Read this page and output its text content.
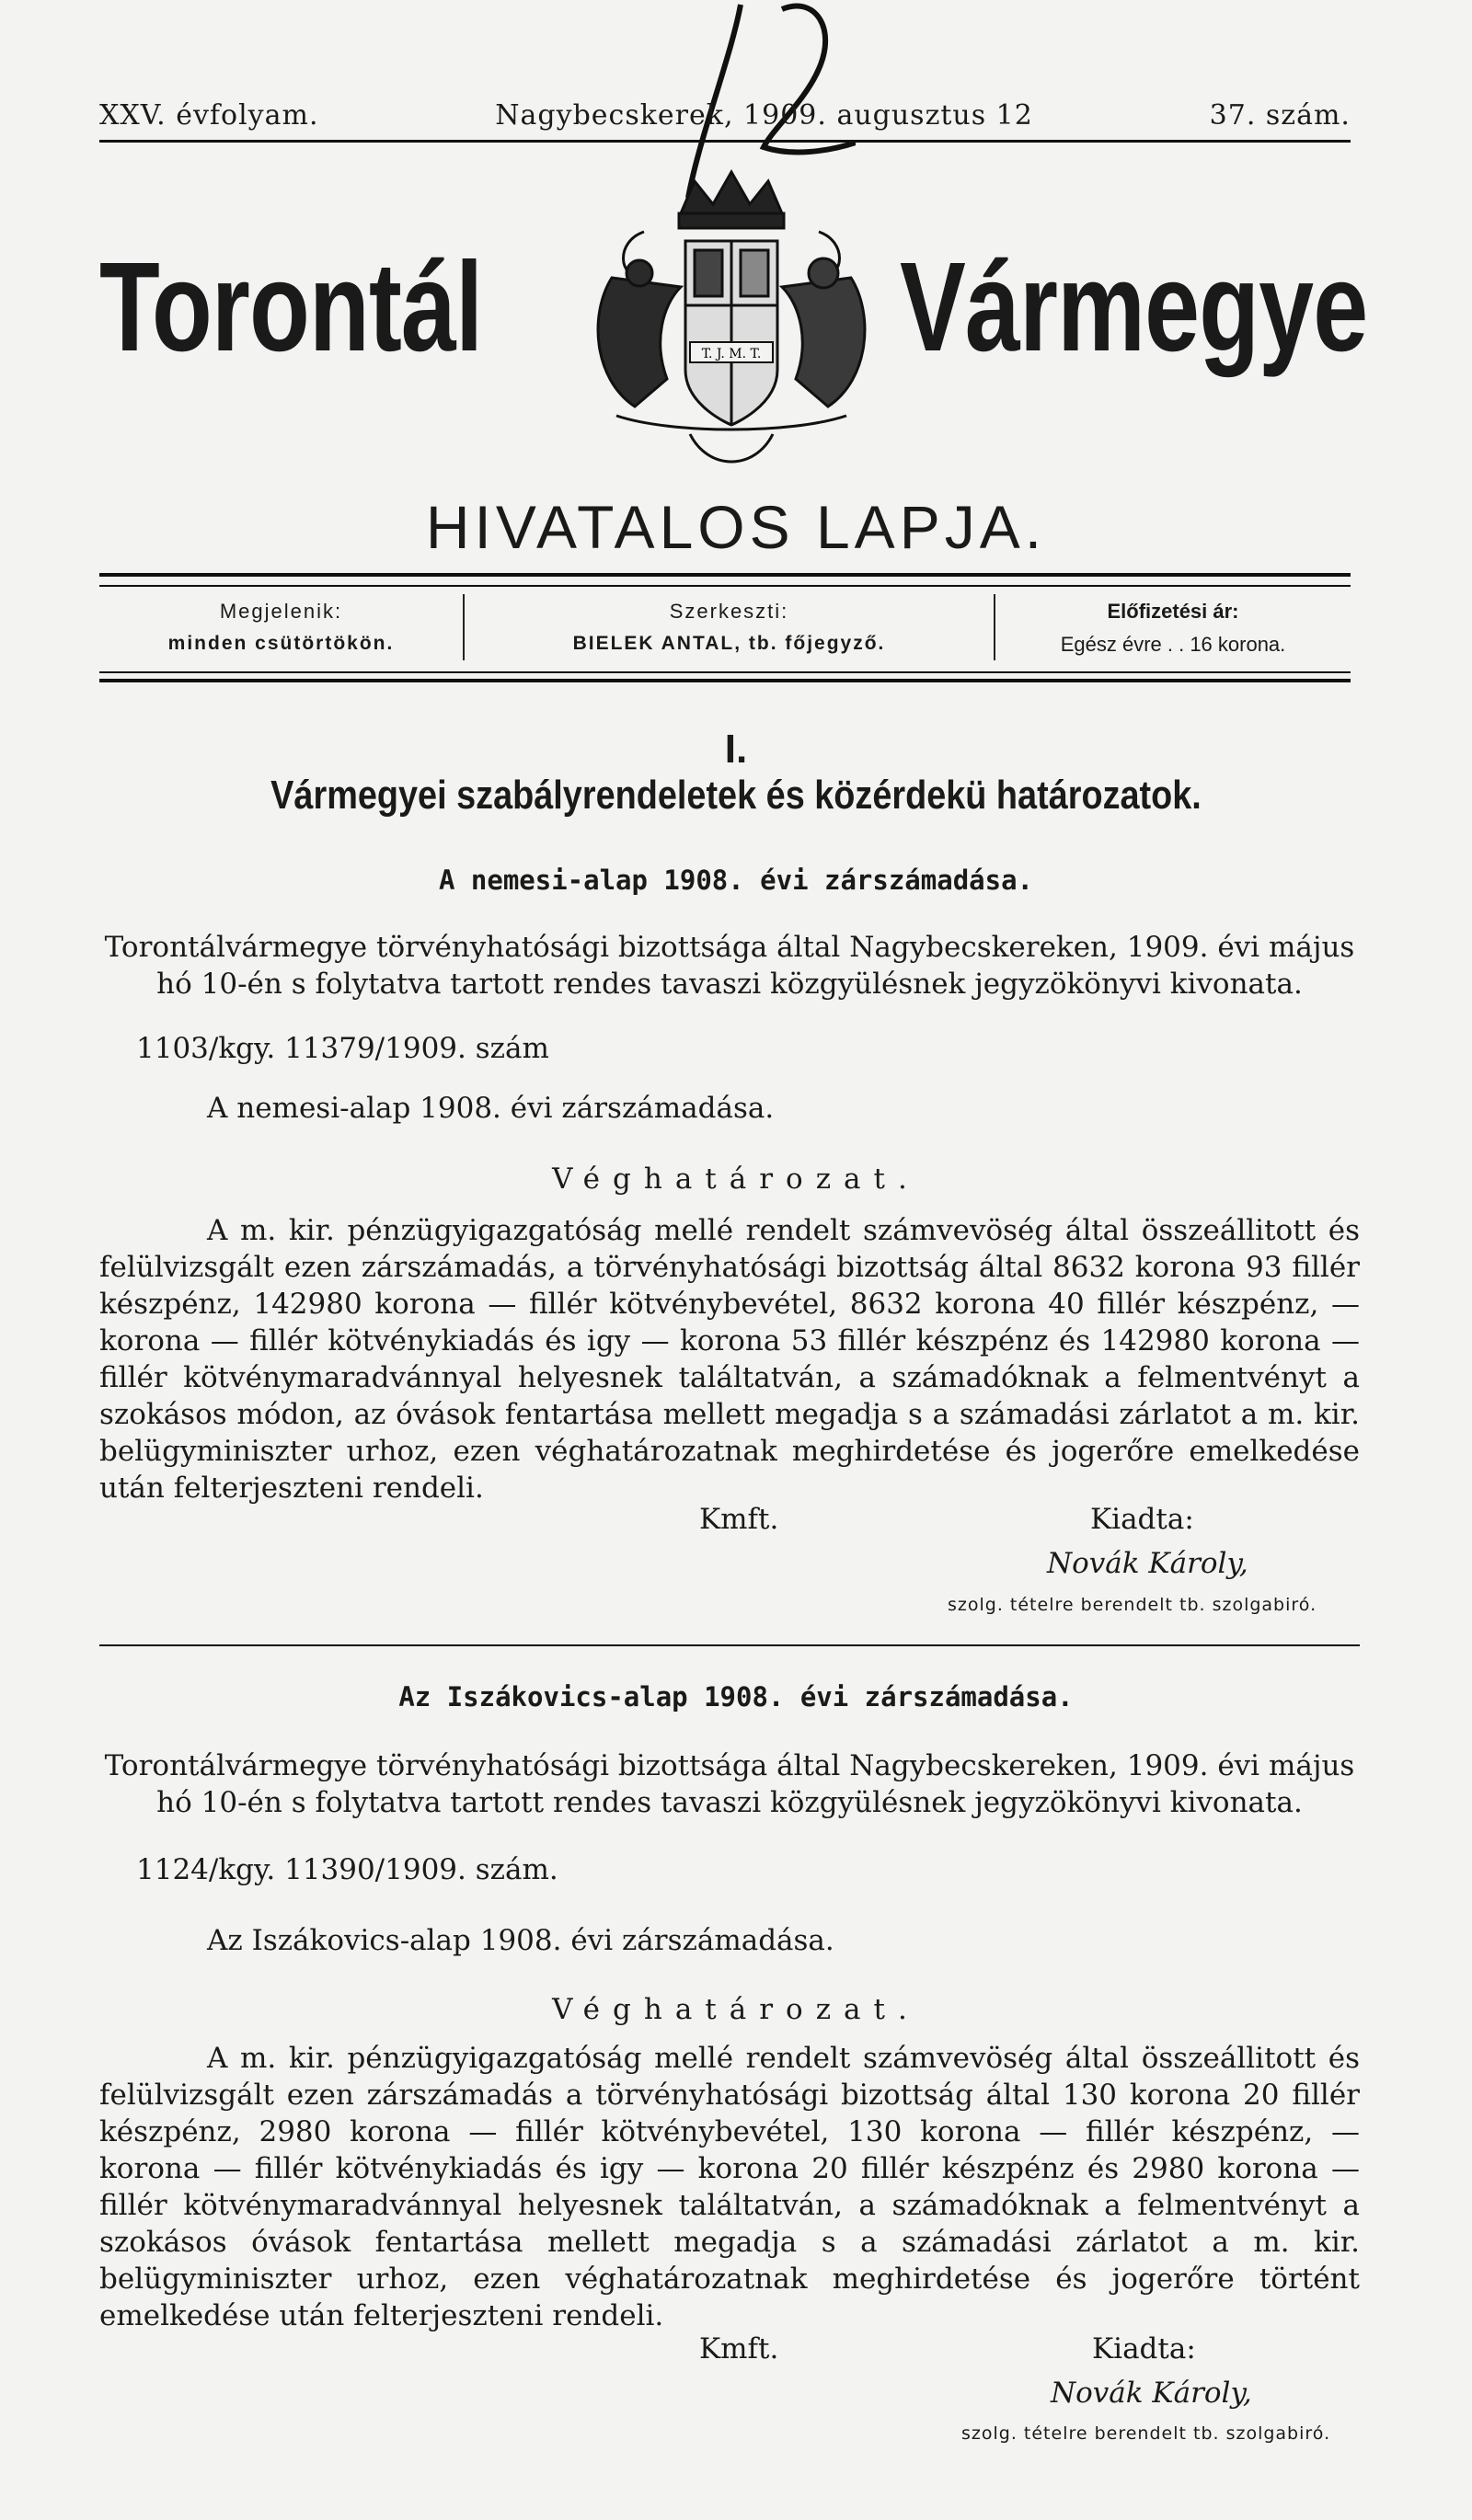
XXV. évfolyam.	Nagybecskerek, 1909. augusztus 12	37. szám.
Torontál	Vármegye
T. J. M. T.
HIVATALOS LAPJA.
Megjelenik:
minden csütörtökön.
Szerkeszti:
BIELEK ANTAL, tb. főjegyző.
Előfizetési ár:
Egész évre . . 16 korona.
I.
Vármegyei szabályrendeletek és közérdekü határozatok.
A nemesi-alap 1908. évi zárszámadása.
Torontálvármegye törvényhatósági bizottsága által Nagybecskereken, 1909. évi május hó 10-én s folytatva tartott rendes tavaszi közgyülésnek jegyzökönyvi kivonata.
1103/kgy. 11379/1909. szám
A nemesi-alap 1908. évi zárszámadása.
Véghatározat.
A m. kir. pénzügyigazgatóság mellé rendelt számvevöség által összeállitott és felülvizsgált ezen zárszámadás, a törvényhatósági bizottság által 8632 korona 93 fillér készpénz, 142980 korona — fillér kötvénybevétel, 8632 korona 40 fillér készpénz, — korona — fillér kötvénykiadás és igy — korona 53 fillér készpénz és 142980 korona — fillér kötvénymaradvánnyal helyesnek találtatván, a számadóknak a felmentvényt a szokásos módon, az óvások fentartása mellett megadja s a számadási zárlatot a m. kir. belügyminiszter urhoz, ezen véghatározatnak meghirdetése és jogerőre emelkedése után felterjeszteni rendeli.
Kmft.	Kiadta:
Novák Károly,
szolg. tételre berendelt tb. szolgabiró.
Az Iszákovics-alap 1908. évi zárszámadása.
Torontálvármegye törvényhatósági bizottsága által Nagybecskereken, 1909. évi május hó 10-én s folytatva tartott rendes tavaszi közgyülésnek jegyzökönyvi kivonata.
1124/kgy. 11390/1909. szám.
Az Iszákovics-alap 1908. évi zárszámadása.
Véghatározat.
A m. kir. pénzügyigazgatóság mellé rendelt számvevöség által összeállitott és felülvizsgált ezen zárszámadás a törvényhatósági bizottság által 130 korona 20 fillér készpénz, 2980 korona — fillér kötvénybevétel, 130 korona — fillér készpénz, — korona — fillér kötvénykiadás és igy — korona 20 fillér készpénz és 2980 korona — fillér kötvénymaradvánnyal helyesnek találtatván, a számadóknak a felmentvényt a szokásos óvások fentartása mellett megadja s a számadási zárlatot a m. kir. belügyminiszter urhoz, ezen véghatározatnak meghirdetése és jogerőre történt emelkedése után felterjeszteni rendeli.
Kmft.	Kiadta:
Novák Károly,
szolg. tételre berendelt tb. szolgabiró.
